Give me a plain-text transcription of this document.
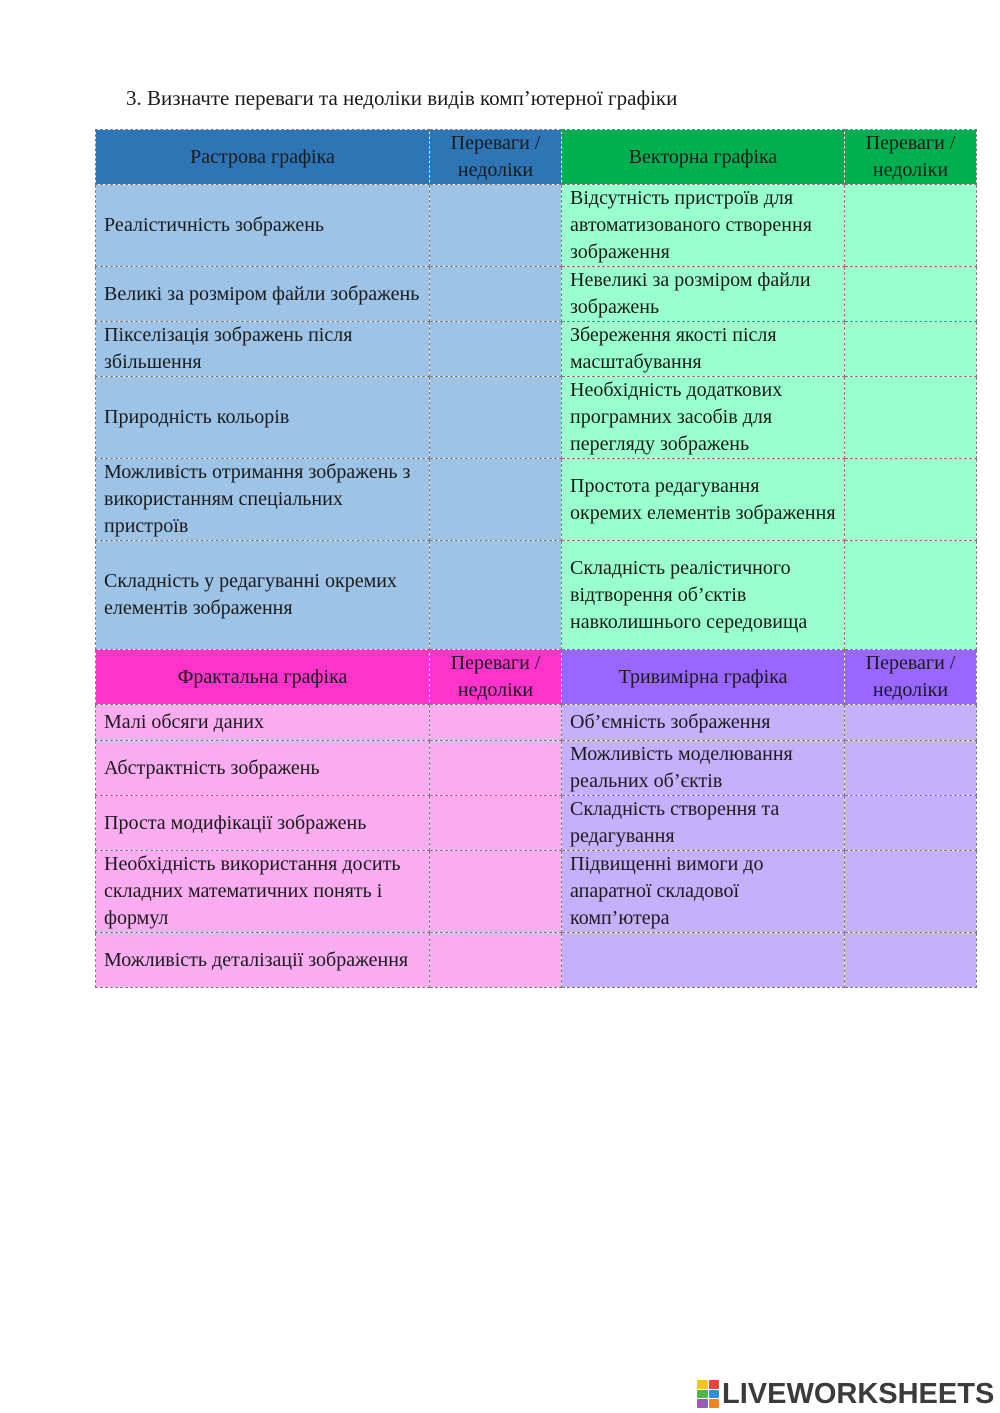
3. Визначте переваги та недоліки видів комп’ютерної графіки
Растрова графіка	Переваги / недоліки	Векторна графіка	Переваги / недоліки
Реалістичність зображень		Відсутність пристроїв для автоматизованого створення зображення	
Великі за розміром файли зображень		Невеликі за розміром файли зображень	
Пікселізація зображень після збільшення		Збереження якості після масштабування	
Природність кольорів		Необхідність додаткових програмних засобів для перегляду зображень	
Можливість отримання зображень з використанням спеціальних пристроїв		Простота редагування окремих елементів зображення	
Складність у редагуванні окремих елементів зображення		Складність реалістичного відтворення об’єктів навколишнього середовища	
Фрактальна графіка	Переваги / недоліки	Тривимірна графіка	Переваги / недоліки
Малі обсяги даних		Об’ємність зображення	
Абстрактність зображень		Можливість моделювання реальних об’єктів	
Проста модифікації зображень		Складність створення та редагування	
Необхідність використання досить складних математичних понять і формул		Підвищенні вимоги до апаратної складової комп’ютера	
Можливість деталізації зображення			
LIVEWORKSHEETS
